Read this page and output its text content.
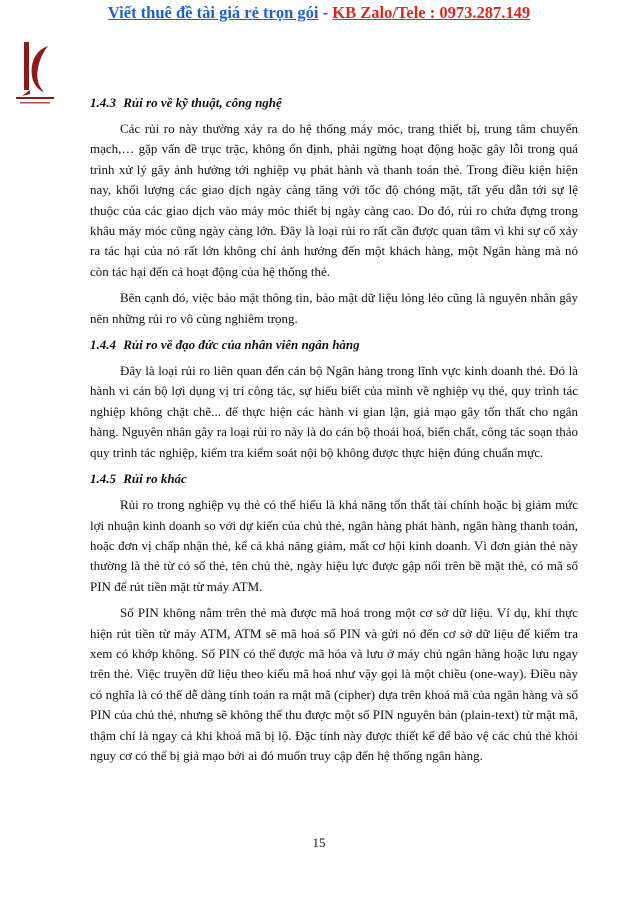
Viết thuê đề tài giá rẻ trọn gói - KB Zalo/Tele : 0973.287.149
1.4.3 Rủi ro về kỹ thuật, công nghệ

Các rủi ro này thường xảy ra do hệ thống máy móc, trang thiết bị, trung tâm chuyển mạch,… gặp vấn đề trục trặc, không ổn định, phải ngừng hoạt động hoặc gây lỗi trong quá trình xử lý gây ảnh hưởng tới nghiệp vụ phát hành và thanh toán thẻ. Trong điều kiện hiện nay, khối lượng các giao dịch ngày càng tăng với tốc độ chóng mặt, tất yếu dẫn tới sự lệ thuộc của các giao dịch vào máy móc thiết bị ngày càng cao. Do đó, rủi ro chứa đựng trong khâu máy móc cũng ngày càng lớn. Đây là loại rủi ro rất cần được quan tâm vì khi sự cố xảy ra tác hại của nó rất lớn không chỉ ảnh hưởng đến một khách hàng, một Ngân hàng mà nó còn tác hại đến cả hoạt động của hệ thống thẻ.

Bên cạnh đó, việc bảo mật thông tin, bảo mật dữ liệu lỏng lẻo cũng là nguyên nhân gây nên những rủi ro vô cùng nghiêm trọng.

1.4.4 Rủi ro về đạo đức của nhân viên ngân hàng

Đây là loại rủi ro liên quan đến cán bộ Ngân hàng trong lĩnh vực kinh doanh thẻ. Đó là hành vi cán bộ lợi dụng vị trí công tác, sự hiểu biết của mình về nghiệp vụ thẻ, quy trình tác nghiệp không chặt chẽ... để thực hiện các hành vi gian lận, giả mạo gây tổn thất cho ngân hàng. Nguyên nhân gây ra loại rủi ro này là do cán bộ thoái hoá, biến chất, công tác soạn thảo quy trình tác nghiệp, kiểm tra kiểm soát nội bộ không được thực hiện đúng chuẩn mực.

1.4.5 Rủi ro khác

Rủi ro trong nghiệp vụ thẻ có thể hiểu là khả năng tổn thất tài chính hoặc bị giảm mức lợi nhuận kinh doanh so với dự kiến của chủ thẻ, ngân hàng phát hành, ngân hàng thanh toán, hoặc đơn vị chấp nhận thẻ, kể cả khả năng giảm, mất cơ hội kinh doanh. Vì đơn giản thẻ này thường là thẻ từ có số thẻ, tên chủ thẻ, ngày hiệu lực được gập nổi trên bề mặt thẻ, có mã số PIN để rút tiền mặt từ máy ATM.

Số PIN không nằm trên thẻ mà được mã hoá trong một cơ sở dữ liệu. Ví dụ, khi thực hiện rút tiền từ máy ATM, ATM sẽ mã hoá số PIN và gửi nó đến cơ sở dữ liệu để kiểm tra xem có khớp không. Số PIN có thể được mã hóa và lưu ở máy chủ ngân hàng hoặc lưu ngay trên thẻ. Việc truyền dữ liệu theo kiểu mã hoá như vậy gọi là một chiều (one-way). Điều này có nghĩa là có thể dễ dàng tính toán ra mật mã (cipher) dựa trên khoá mã của ngân hàng và số PIN của chủ thẻ, nhưng sẽ không thể thu được một số PIN nguyên bản (plain-text) từ mật mã, thậm chí là ngay cả khi khoá mã bị lộ. Đặc tính này được thiết kế để bảo vệ các chủ thẻ khỏi nguy cơ có thể bị giả mạo bởi ai đó muốn truy cập đến hệ thống ngân hàng.

15
